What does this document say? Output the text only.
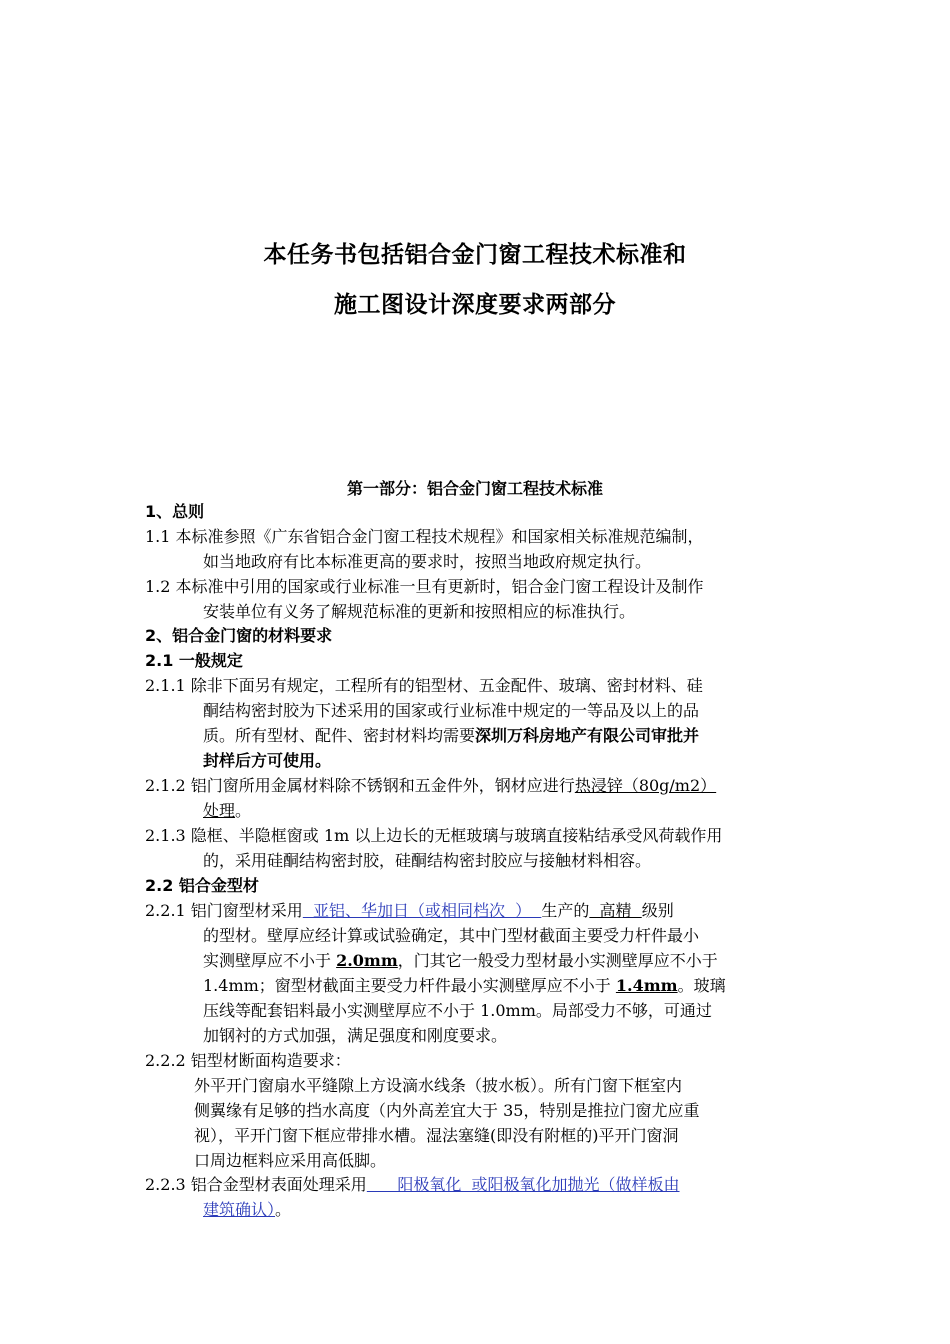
本任务书包括铝合金门窗工程技术标准和
施工图设计深度要求两部分
第一部分：铝合金门窗工程技术标准
1、总则
1.1 本标准参照《广东省铝合金门窗工程技术规程》和国家相关标准规范编制，
如当地政府有比本标准更高的要求时，按照当地政府规定执行。
1.2 本标准中引用的国家或行业标准一旦有更新时，铝合金门窗工程设计及制作
安装单位有义务了解规范标准的更新和按照相应的标准执行。
2、铝合金门窗的材料要求
2.1 一般规定
2.1.1 除非下面另有规定，工程所有的铝型材、五金配件、玻璃、密封材料、硅
酮结构密封胶为下述采用的国家或行业标准中规定的一等品及以上的品
质。所有型材、配件、密封材料均需要深圳万科房地产有限公司审批并
封样后方可使用。
2.1.2 铝门窗所用金属材料除不锈钢和五金件外，钢材应进行热浸锌（80g/m2）
处理。
2.1.3 隐框、半隐框窗或 1m 以上边长的无框玻璃与玻璃直接粘结承受风荷载作用
的，采用硅酮结构密封胶，硅酮结构密封胶应与接触材料相容。
2.2 铝合金型材
2.2.1 铝门窗型材采用  亚铝、华加日（或相同档次  ）  生产的  高精  级别
的型材。壁厚应经计算或试验确定，其中门型材截面主要受力杆件最小
实测壁厚应不小于 2.0mm，门其它一般受力型材最小实测壁厚应不小于
1.4mm；窗型材截面主要受力杆件最小实测壁厚应不小于 1.4mm。玻璃
压线等配套铝料最小实测壁厚应不小于 1.0mm。局部受力不够，可通过
加钢衬的方式加强，满足强度和刚度要求。
2.2.2 铝型材断面构造要求：
外平开门窗扇水平缝隙上方设滴水线条（披水板）。所有门窗下框室内
侧翼缘有足够的挡水高度（内外高差宜大于 35，特别是推拉门窗尤应重
视），平开门窗下框应带排水槽。湿法塞缝(即没有附框的)平开门窗洞
口周边框料应采用高低脚。
2.2.3 铝合金型材表面处理采用      阳极氧化  或阳极氧化加抛光（做样板由
建筑确认）。
